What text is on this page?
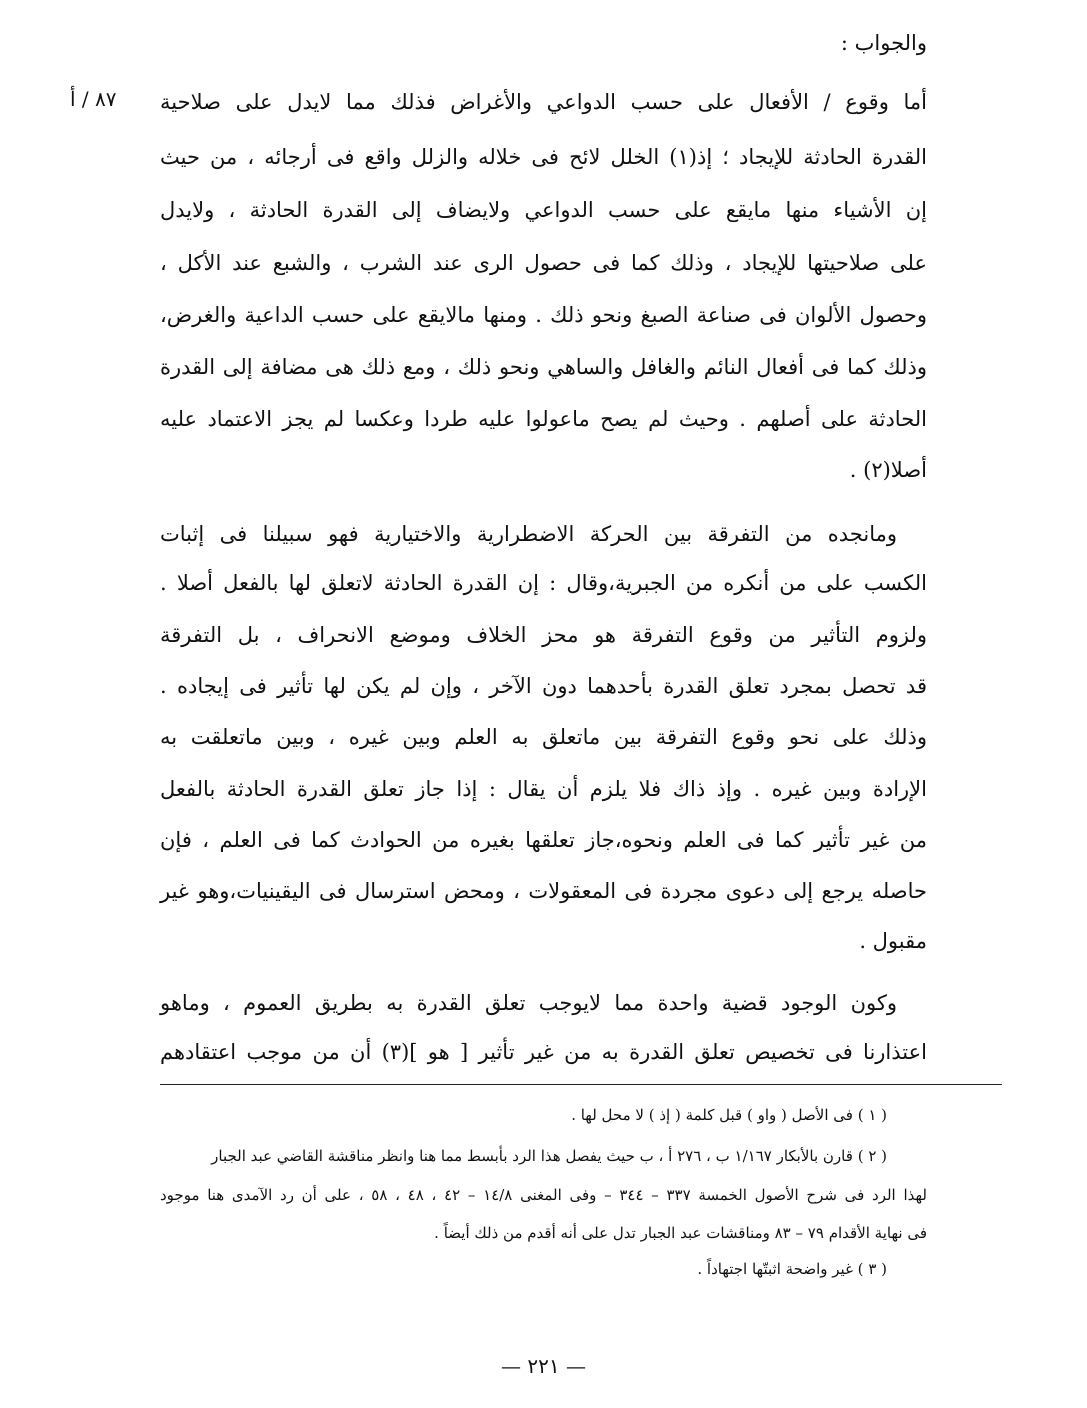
والجواب :
٨٧ / أ	أما وقوع / الأفعال على حسب الدواعي والأغراض فذلك مما لايدل على صلاحية
القدرة الحادثة للإيجاد ؛ إذ(١) الخلل لائح فى خلاله والزلل واقع فى أرجائه ، من حيث
إن الأشياء منها مايقع على حسب الدواعي ولايضاف إلى القدرة الحادثة ، ولايدل
على صلاحيتها للإيجاد ، وذلك كما فى حصول الرى عند الشرب ، والشبع عند الأكل ،
وحصول الألوان فى صناعة الصبغ ونحو ذلك . ومنها مالايقع على حسب الداعية والغرض،
وذلك كما فى أفعال النائم والغافل والساهي ونحو ذلك ، ومع ذلك هى مضافة إلى القدرة
الحادثة على أصلهم . وحيث لم يصح ماعولوا عليه طردا وعكسا لم يجز الاعتماد عليه
أصلا(٢) .
ومانجده من التفرقة بين الحركة الاضطرارية والاختيارية فهو سبيلنا فى إثبات
الكسب على من أنكره من الجبرية،وقال : إن القدرة الحادثة لاتعلق لها بالفعل أصلا .
ولزوم التأثير من وقوع التفرقة هو محز الخلاف وموضع الانحراف ، بل التفرقة
قد تحصل بمجرد تعلق القدرة بأحدهما دون الآخر ، وإن لم يكن لها تأثير فى إيجاده .
وذلك على نحو وقوع التفرقة بين ماتعلق به العلم وبين غيره ، وبين ماتعلقت به
الإرادة وبين غيره . وإذ ذاك فلا يلزم أن يقال : إذا جاز تعلق القدرة الحادثة بالفعل
من غير تأثير كما فى العلم ونحوه،جاز تعلقها بغيره من الحوادث كما فى العلم ، فإن
حاصله يرجع إلى دعوى مجردة فى المعقولات ، ومحض استرسال فى اليقينيات،وهو غير
مقبول .
وكون الوجود قضية واحدة مما لايوجب تعلق القدرة به بطريق العموم ، وماهو
اعتذارنا فى تخصيص تعلق القدرة به من غير تأثير [ هو ](٣) أن من موجب اعتقادهم
( ١ ) فى الأصل ( واو ) قبل كلمة ( إذ ) لا محل لها .
( ٢ ) قارن بالأبكار ١/١٦٧ ب ، ٢٧٦ أ ، ب حيث يفصل هذا الرد بأبسط مما هنا وانظر مناقشة القاضي عبد الجبار
لهذا الرد فى شرح الأصول الخمسة ٣٣٧ – ٣٤٤ – وفى المغنى ١٤/٨ – ٤٢ ، ٤٨ ، ٥٨ ، على أن رد الآمدى هنا موجود
فى نهاية الأقدام ٧٩ – ٨٣ ومناقشات عبد الجبار تدل على أنه أقدم من ذلك أيضاً .
( ٣ ) غير واضحة اثبتّها اجتهاداً .
— ٢٢١ —
